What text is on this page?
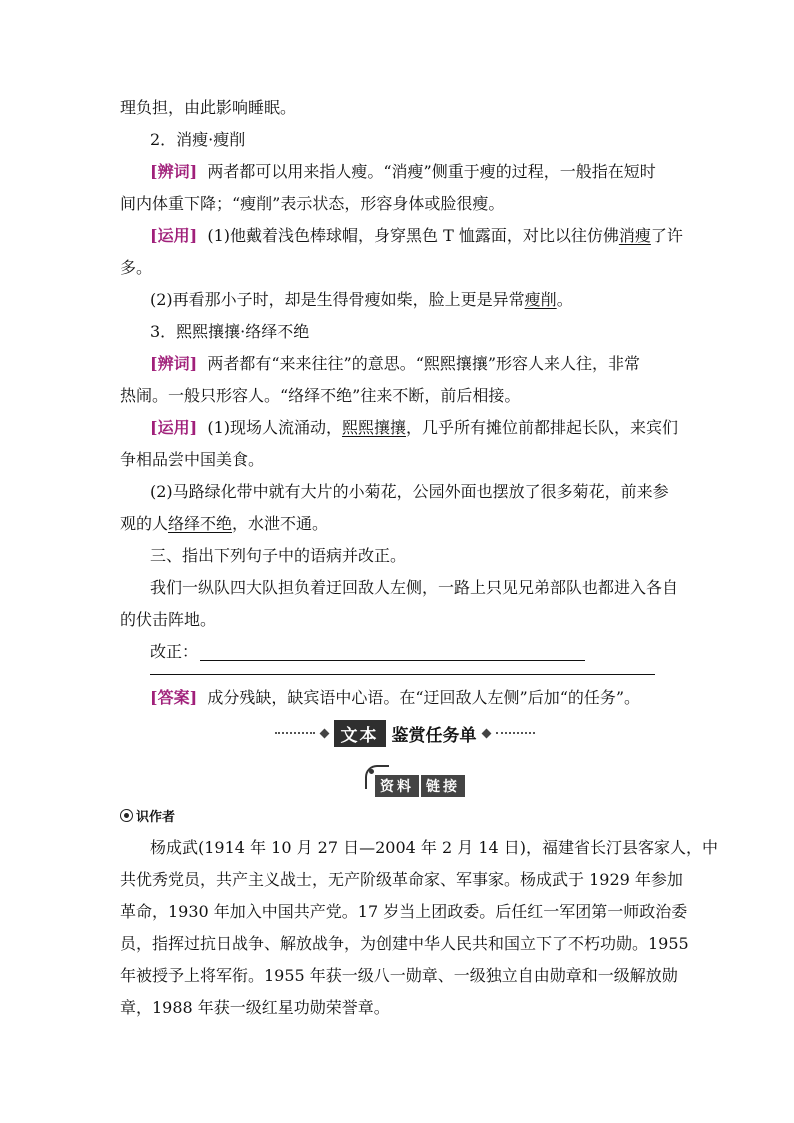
理负担，由此影响睡眠。
2．消瘦·瘦削
[辨词] 两者都可以用来指人瘦。“消瘦”侧重于瘦的过程，一般指在短时
间内体重下降；“瘦削”表示状态，形容身体或脸很瘦。
[运用] (1)他戴着浅色棒球帽，身穿黑色 T 恤露面，对比以往仿佛消瘦了许
多。
(2)再看那小子时，却是生得骨瘦如柴，脸上更是异常瘦削。
3．熙熙攘攘·络绎不绝
[辨词] 两者都有“来来往往”的意思。“熙熙攘攘”形容人来人往，非常
热闹。一般只形容人。“络绎不绝”往来不断，前后相接。
[运用] (1)现场人流涌动，熙熙攘攘，几乎所有摊位前都排起长队，来宾们
争相品尝中国美食。
(2)马路绿化带中就有大片的小菊花，公园外面也摆放了很多菊花，前来参
观的人络绎不绝，水泄不通。
三、指出下列句子中的语病并改正。
我们一纵队四大队担负着迂回敌人左侧，一路上只见兄弟部队也都进入各自
的伏击阵地。
改正：
[答案] 成分残缺，缺宾语中心语。在“迂回敌人左侧”后加“的任务”。
文本 鉴赏任务单
资料 链接
识作者
杨成武(1914 年 10 月 27 日—2004 年 2 月 14 日)，福建省长汀县客家人，中
共优秀党员，共产主义战士，无产阶级革命家、军事家。杨成武于 1929 年参加
革命，1930 年加入中国共产党。17 岁当上团政委。后任红一军团第一师政治委
员，指挥过抗日战争、解放战争，为创建中华人民共和国立下了不朽功勋。1955
年被授予上将军衔。1955 年获一级八一勋章、一级独立自由勋章和一级解放勋
章，1988 年获一级红星功勋荣誉章。
